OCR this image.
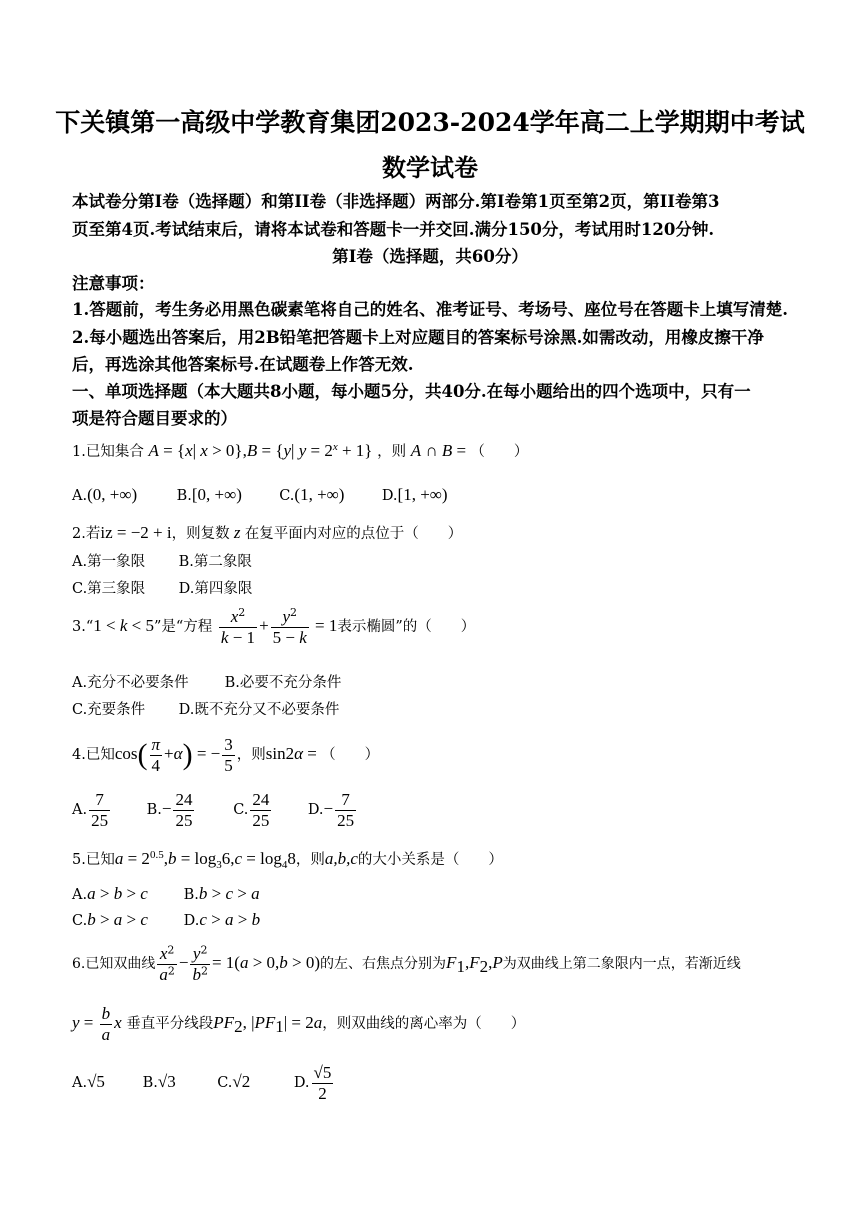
下关镇第一高级中学教育集团2023-2024学年高二上学期期中考试
数学试卷
本试卷分第I卷（选择题）和第II卷（非选择题）两部分.第I卷第1页至第2页，第II卷第3
页至第4页.考试结束后，请将本试卷和答题卡一并交回.满分150分，考试用时120分钟.
第Ⅰ卷（选择题，共60分）
注意事项：
1.答题前，考生务必用黑色碳素笔将自己的姓名、准考证号、考场号、座位号在答题卡上填写清楚.
2.每小题选出答案后，用2B铅笔把答题卡上对应题目的答案标号涂黑.如需改动，用橡皮擦干净
后，再选涂其他答案标号.在试题卷上作答无效.
一、单项选择题（本大题共8小题，每小题5分，共40分.在每小题给出的四个选项中，只有一
项是符合题目要求的）
1.已知集合 A = {x| x > 0},B = {y| $y = 2^x + 1$} ，则 A ∩ B = （　　）
A.(0, +∞)	B.[0, +∞)	C.(1, +∞)	D.[1, +∞)
2.若iz = −2 + i，则复数 z 在复平面内对应的点位于（　　）
A.第一象限 B.第二象限
C.第三象限 D.第四象限
3.“1 < k < 5”是“方程 $\frac{x^2}{k - 1} + \frac{y^2}{5 - k} = 1$表示椭圆”的（　　）
A.充分不必要条件 B.必要不充分条件
C.充要条件 D.既不充分又不必要条件
4.已知$\cos( \frac{\pi}{4} +\alpha)$ = − $\frac{3}{5}$ ，则sin2α = （　　）
A. $\frac{7}{25}$	$B.- \frac{24}{25}$	C. $\frac{24}{25}$	$D.- \frac{7}{25}$
5.已知$a = 2^{0.5},b = \log_36,c = \log_48$，则a,b,c的大小关系是（　　）
A.a > b > c B.b > c > a
C.b > a > c D.c > a > b
6.已知双曲线 $\frac{x^2}{a^2} - \frac{y^2}{b^2} = 1(a > 0,b > 0)$的左、右焦点分别为$F_1,F_2,P$为双曲线上第二象限内一点，若渐近线
$y = \frac{b}{a}$ x 垂直平分线段$PF_2$, $|PF_1| = 2a$，则双曲线的离心率为（　　）
A.√5	B.√3	C.√2	D. $\frac{√5}{2}$
